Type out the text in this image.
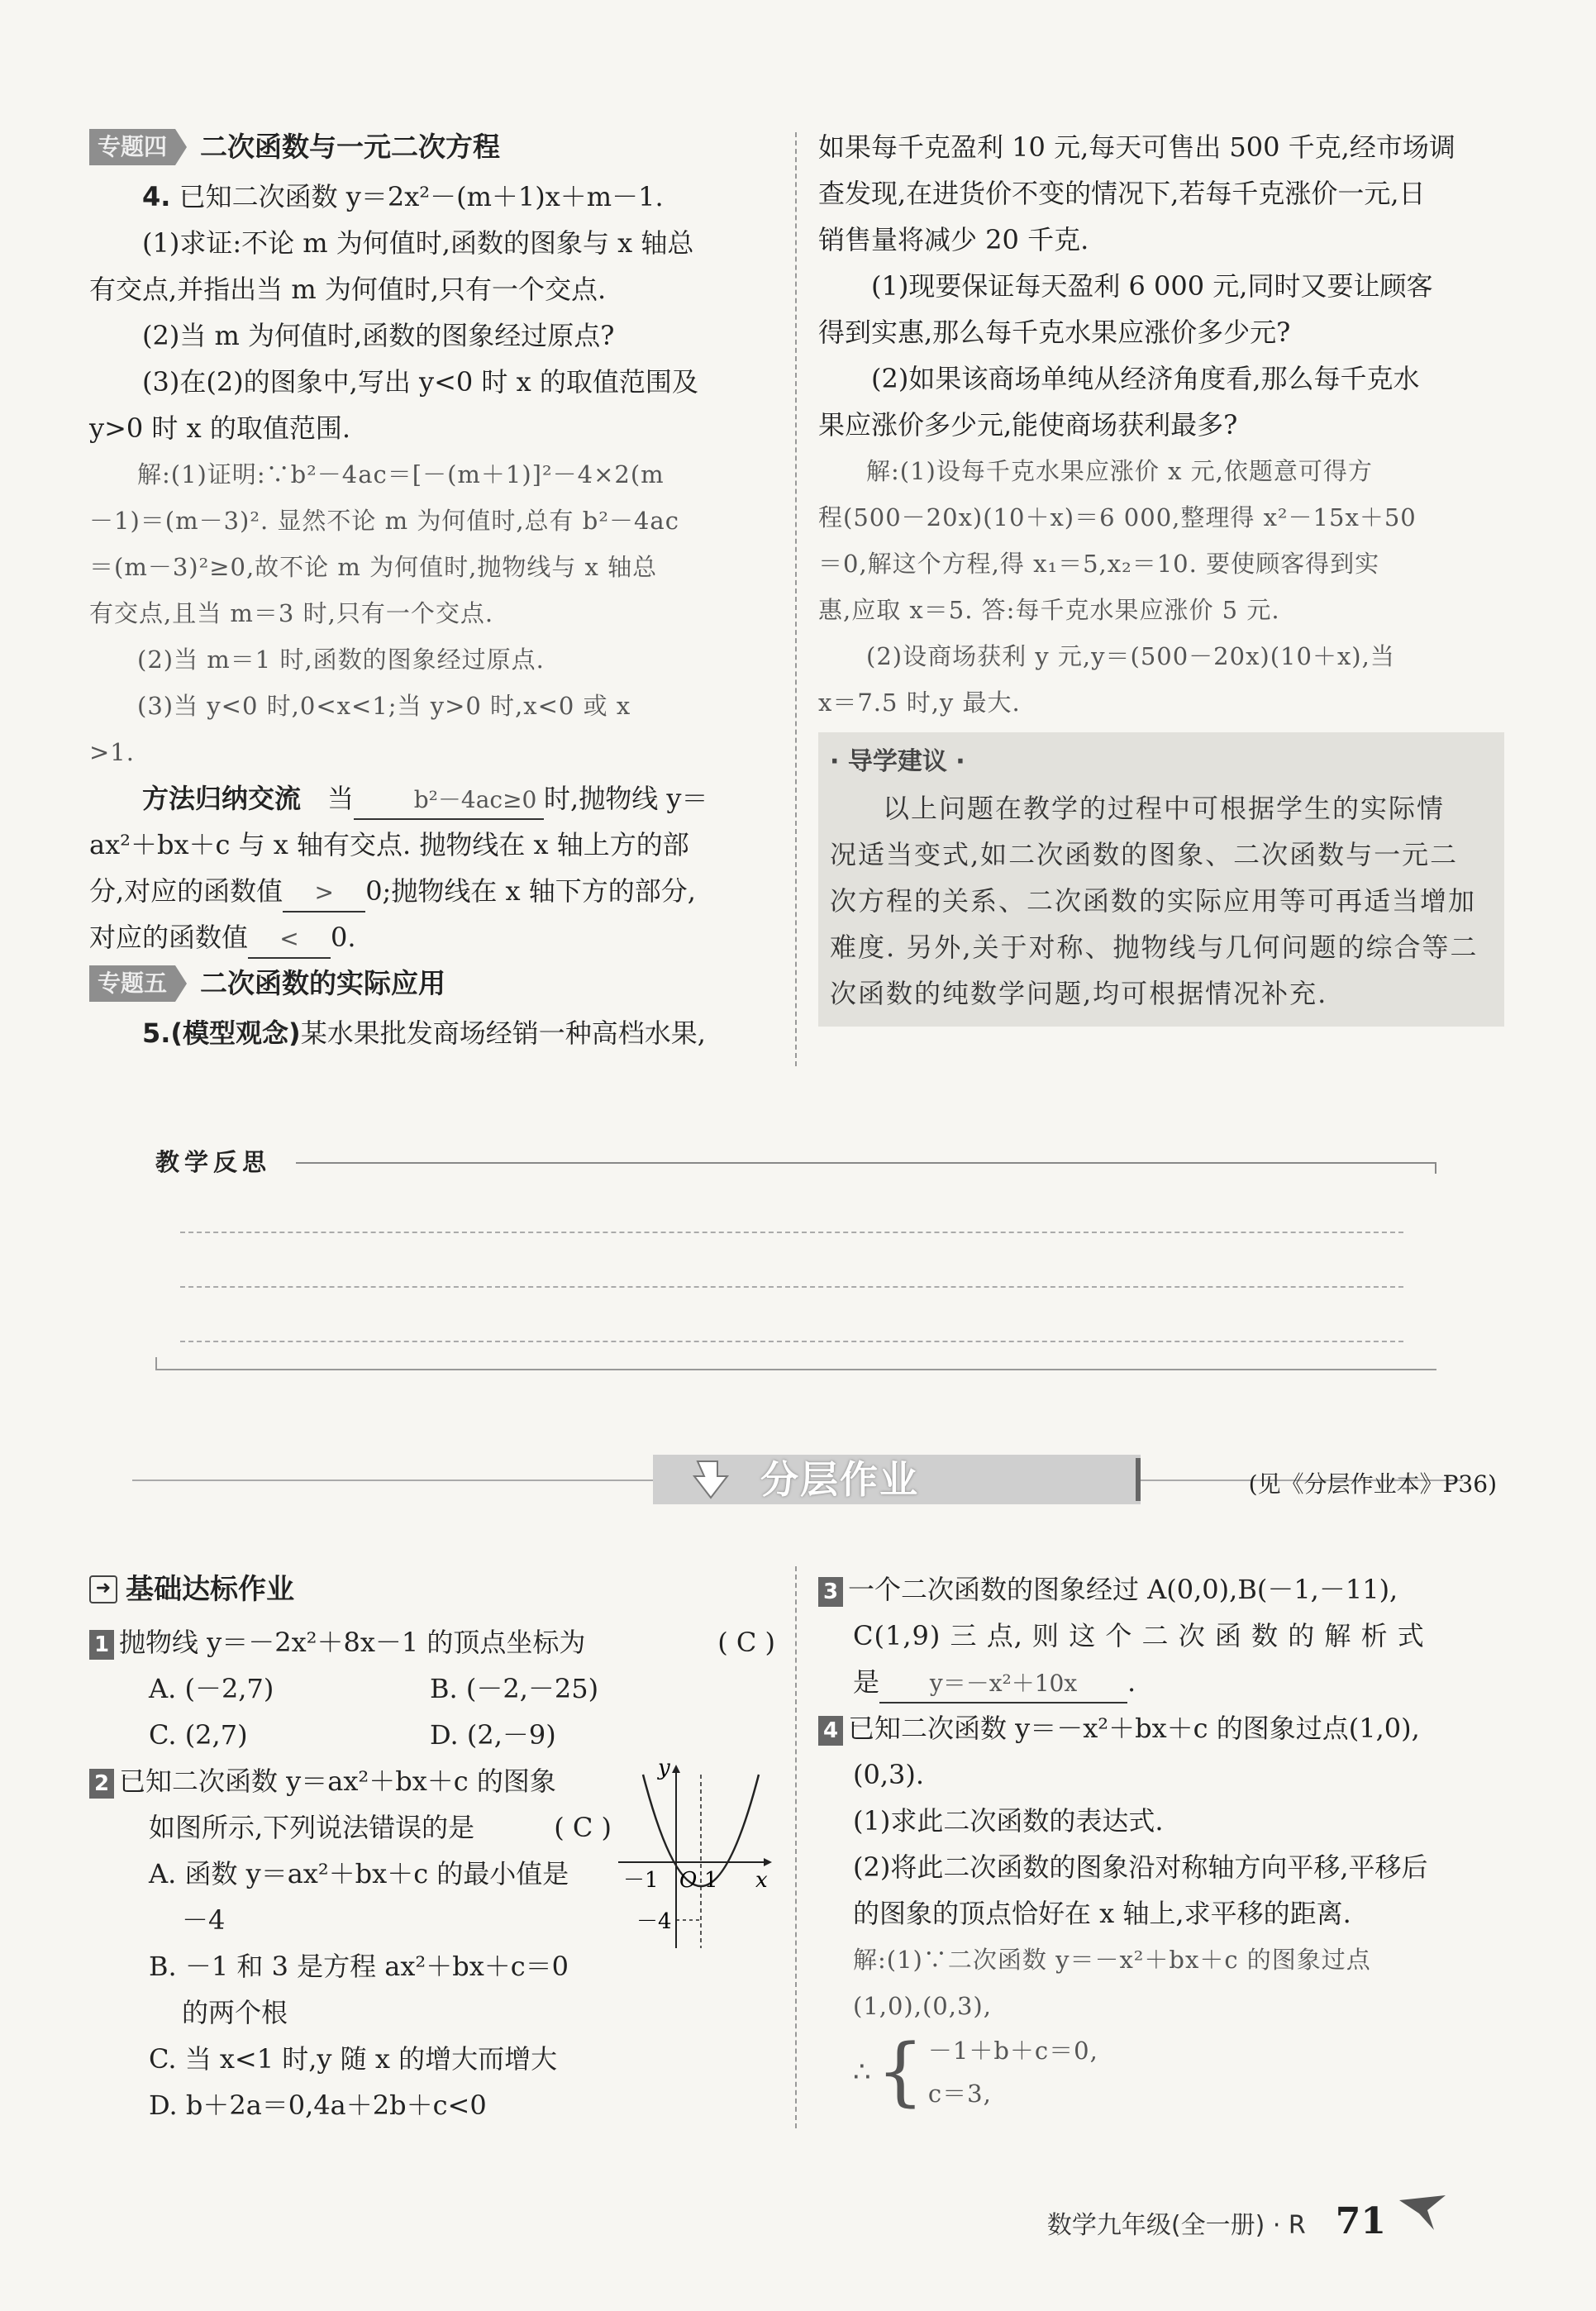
专题四	二次函数与一元二次方程

4. 已知二次函数 y＝2x²－(m＋1)x＋m－1.

(1)求证:不论 m 为何值时,函数的图象与 x 轴总

有交点,并指出当 m 为何值时,只有一个交点.

(2)当 m 为何值时,函数的图象经过原点?

(3)在(2)的图象中,写出 y<0 时 x 的取值范围及

y>0 时 x 的取值范围.

解:(1)证明:∵b²－4ac＝[－(m＋1)]²－4×2(m

－1)＝(m－3)². 显然不论 m 为何值时,总有 b²－4ac

＝(m－3)²≥0,故不论 m 为何值时,抛物线与 x 轴总

有交点,且当 m＝3 时,只有一个交点.

(2)当 m＝1 时,函数的图象经过原点.

(3)当 y<0 时,0<x<1;当 y>0 时,x<0 或 x

>1.

方法归纳交流　 当	b²－4ac≥0 时,抛物线 y＝

ax²＋bx＋c 与 x 轴有交点. 抛物线在 x 轴上方的部

分,对应的函数值 > 0;抛物线在 x 轴下方的部分,

对应的函数值 < 0.

专题五	二次函数的实际应用

5.(模型观念)某水果批发商场经销一种高档水果,

如果每千克盈利 10 元,每天可售出 500 千克,经市场调

查发现,在进货价不变的情况下,若每千克涨价一元,日

销售量将减少 20 千克.

(1)现要保证每天盈利 6 000 元,同时又要让顾客

得到实惠,那么每千克水果应涨价多少元?

(2)如果该商场单纯从经济角度看,那么每千克水

果应涨价多少元,能使商场获利最多?

解:(1)设每千克水果应涨价 x 元,依题意可得方

程(500－20x)(10＋x)＝6 000,整理得 x²－15x＋50

＝0,解这个方程,得 x₁＝5,x₂＝10. 要使顾客得到实

惠,应取 x＝5. 答:每千克水果应涨价 5 元.

(2)设商场获利 y 元,y＝(500－20x)(10＋x),当

x＝7.5 时,y 最大.

· 导学建议 ·

以上问题在教学的过程中可根据学生的实际情

况适当变式,如二次函数的图象、二次函数与一元二

次方程的关系、二次函数的实际应用等可再适当增加

难度. 另外,关于对称、抛物线与几何问题的综合等二

次函数的纯数学问题,均可根据情况补充.

教学反思
分层作业	(见《分层作业本》P36)
➜ 基础达标作业

1 抛物线 y＝－2x²＋8x－1 的顶点坐标为	( C )

A. (－2,7)	B. (－2,－25)
C. (2,7)	D. (2,－9)

2 已知二次函数 y＝ax²＋bx＋c 的图象

如图所示,下列说法错误的是	( C )

A. 函数 y＝ax²＋bx＋c 的最小值是

－4

B. －1 和 3 是方程 ax²＋bx＋c＝0

的两个根

C. 当 x<1 时,y 随 x 的增大而增大

D. b＋2a＝0,4a＋2b＋c<0

y
x
－1 O 1
－4

3 一个二次函数的图象经过 A(0,0),B(－1,－11),

C(1,9) 三 点, 则 这 个 二 次 函 数 的 解 析 式

是 y＝－x²＋10x .

4 已知二次函数 y＝－x²＋bx＋c 的图象过点(1,0),

(0,3).

(1)求此二次函数的表达式.

(2)将此二次函数的图象沿对称轴方向平移,平移后

的图象的顶点恰好在 x 轴上,求平移的距离.

解:(1)∵二次函数 y＝－x²＋bx＋c 的图象过点

(1,0),(0,3),

∴ { －1＋b＋c＝0,
c＝3,
数学九年级(全一册) · R 71
